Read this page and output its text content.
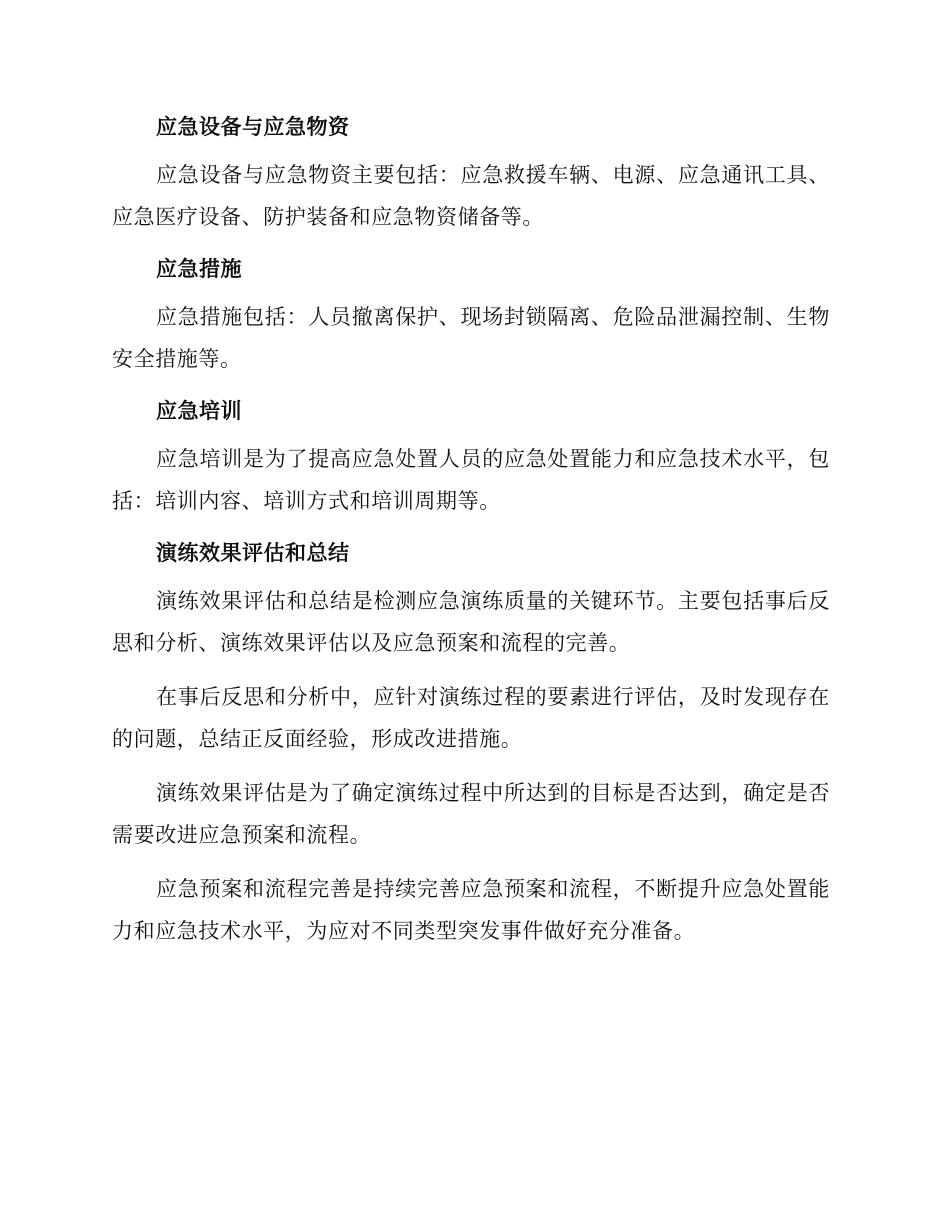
应急设备与应急物资

应急设备与应急物资主要包括：应急救援车辆、电源、应急通讯工具、应急医疗设备、防护装备和应急物资储备等。

应急措施

应急措施包括：人员撤离保护、现场封锁隔离、危险品泄漏控制、生物安全措施等。

应急培训

应急培训是为了提高应急处置人员的应急处置能力和应急技术水平，包括：培训内容、培训方式和培训周期等。

演练效果评估和总结

演练效果评估和总结是检测应急演练质量的关键环节。主要包括事后反思和分析、演练效果评估以及应急预案和流程的完善。

在事后反思和分析中，应针对演练过程的要素进行评估，及时发现存在的问题，总结正反面经验，形成改进措施。

演练效果评估是为了确定演练过程中所达到的目标是否达到，确定是否需要改进应急预案和流程。

应急预案和流程完善是持续完善应急预案和流程，不断提升应急处置能力和应急技术水平，为应对不同类型突发事件做好充分准备。
